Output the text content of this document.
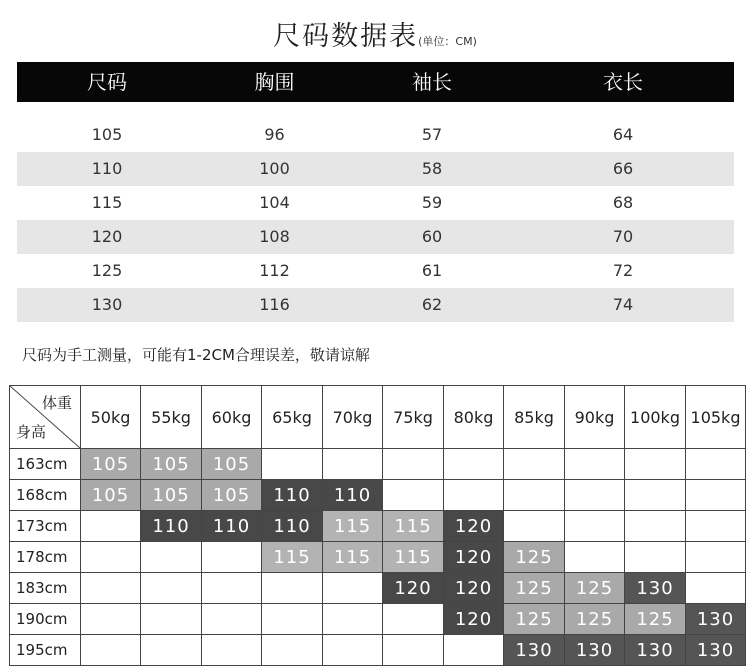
尺码数据表(单位：CM)
尺码	胸围	袖长	衣长
105	96	57	64
110	100	58	66
115	104	59	68
120	108	60	70
125	112	61	72
130	116	62	74
尺码为手工测量，可能有1-2CM合理误差，敬请谅解
体重
身高	50kg	55kg	60kg	65kg	70kg	75kg	80kg	85kg	90kg	100kg	105kg
163cm	105	105	105								
168cm	105	105	105	110	110						
173cm		110	110	110	115	115	120				
178cm				115	115	115	120	125			
183cm						120	120	125	125	130	
190cm							120	125	125	125	130
195cm								130	130	130	130
